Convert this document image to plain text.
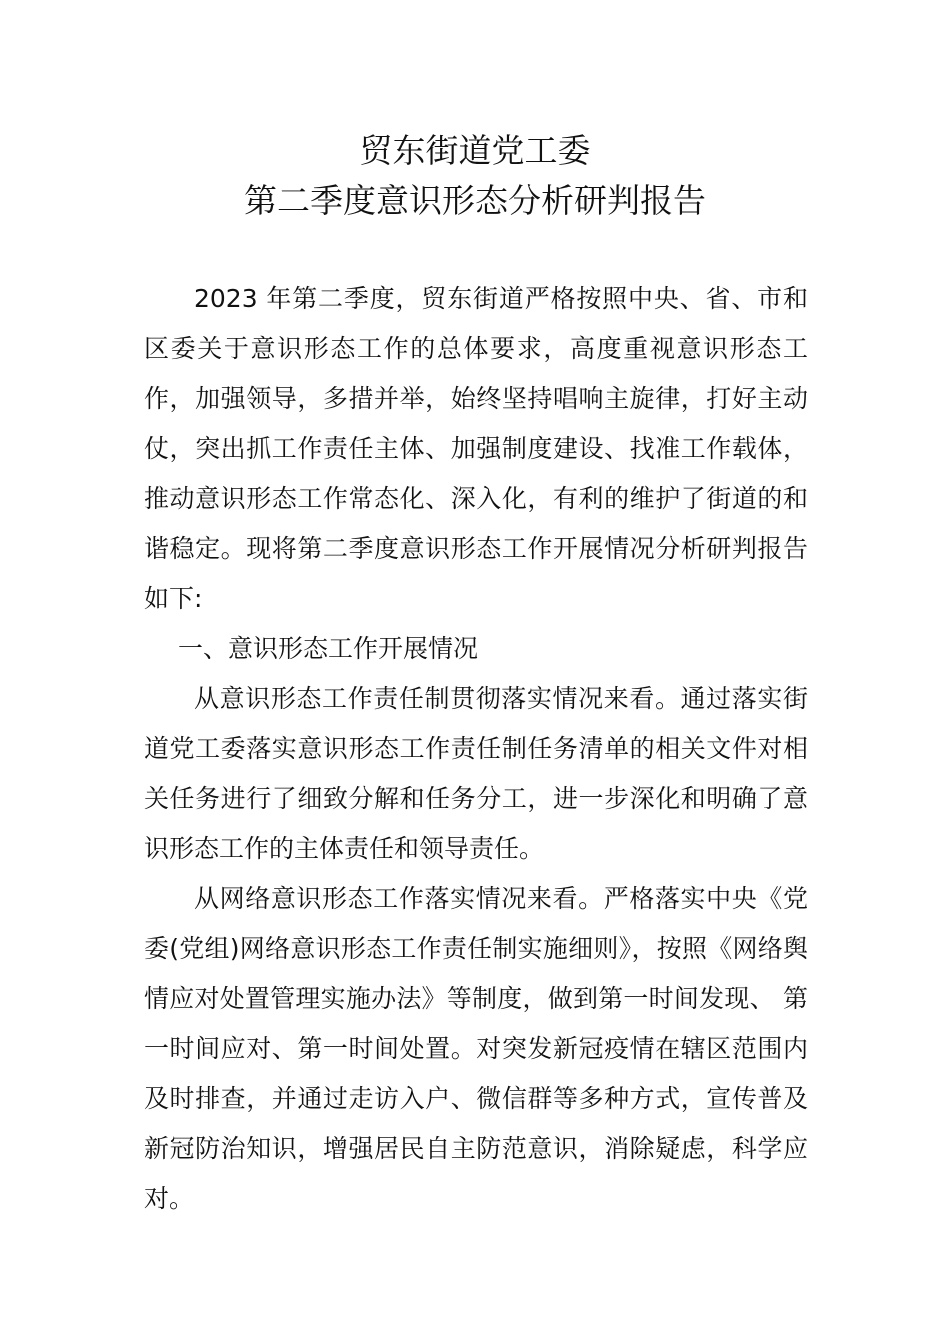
贸东街道党工委
第二季度意识形态分析研判报告

2023 年第二季度，贸东街道严格按照中央、省、市和区委关于意识形态工作的总体要求，高度重视意识形态工作，加强领导，多措并举，始终坚持唱响主旋律，打好主动仗，突出抓工作责任主体、加强制度建设、找准工作载体，推动意识形态工作常态化、深入化，有利的维护了街道的和谐稳定。现将第二季度意识形态工作开展情况分析研判报告如下:

一、意识形态工作开展情况

从意识形态工作责任制贯彻落实情况来看。通过落实街道党工委落实意识形态工作责任制任务清单的相关文件对相关任务进行了细致分解和任务分工，进一步深化和明确了意识形态工作的主体责任和领导责任。

从网络意识形态工作落实情况来看。严格落实中央《党委(党组)网络意识形态工作责任制实施细则》，按照《网络舆情应对处置管理实施办法》等制度，做到第一时间发现、 第一时间应对、第一时间处置。对突发新冠疫情在辖区范围内及时排查，并通过走访入户、微信群等多种方式，宣传普及新冠防治知识，增强居民自主防范意识，消除疑虑，科学应对。
